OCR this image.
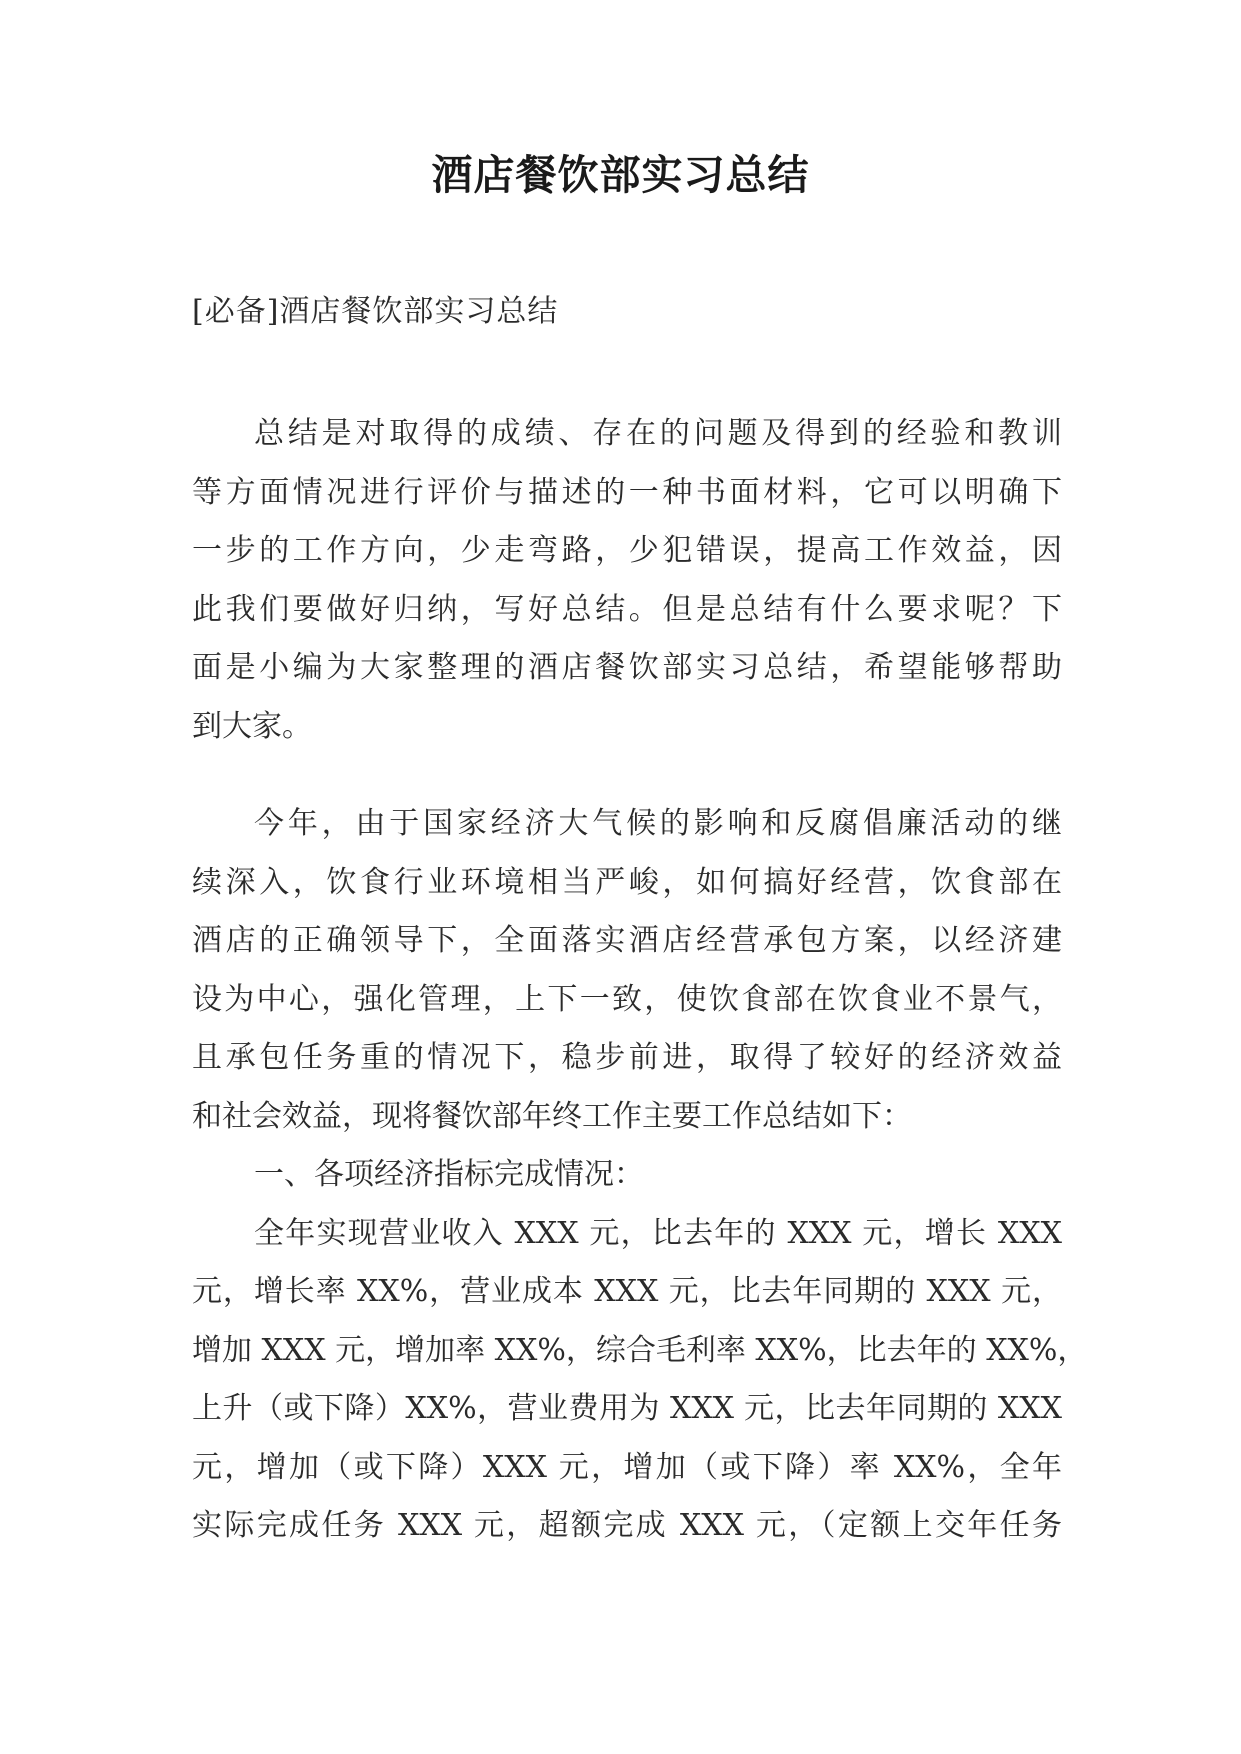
酒店餐饮部实习总结

[必备]酒店餐饮部实习总结

总结是对取得的成绩、存在的问题及得到的经验和教训
等方面情况进行评价与描述的一种书面材料，它可以明确下
一步的工作方向，少走弯路，少犯错误，提高工作效益，因
此我们要做好归纳，写好总结。但是总结有什么要求呢？下
面是小编为大家整理的酒店餐饮部实习总结，希望能够帮助
到大家。
今年，由于国家经济大气候的影响和反腐倡廉活动的继
续深入，饮食行业环境相当严峻，如何搞好经营，饮食部在
酒店的正确领导下，全面落实酒店经营承包方案，以经济建
设为中心，强化管理，上下一致，使饮食部在饮食业不景气，
且承包任务重的情况下，稳步前进，取得了较好的经济效益
和社会效益，现将餐饮部年终工作主要工作总结如下：
一、各项经济指标完成情况：
全年实现营业收入 XXX 元，比去年的 XXX 元，增长 XXX
元，增长率 XX%，营业成本 XXX 元，比去年同期的 XXX 元，
增加 XXX 元，增加率 XX%，综合毛利率 XX%，比去年的 XX%，
上升（或下降）XX%，营业费用为 XXX 元，比去年同期的 XXX
元，增加（或下降）XXX 元，增加（或下降）率 XX%，全年
实际完成任务 XXX 元，超额完成 XXX 元，（定额上交年任务
